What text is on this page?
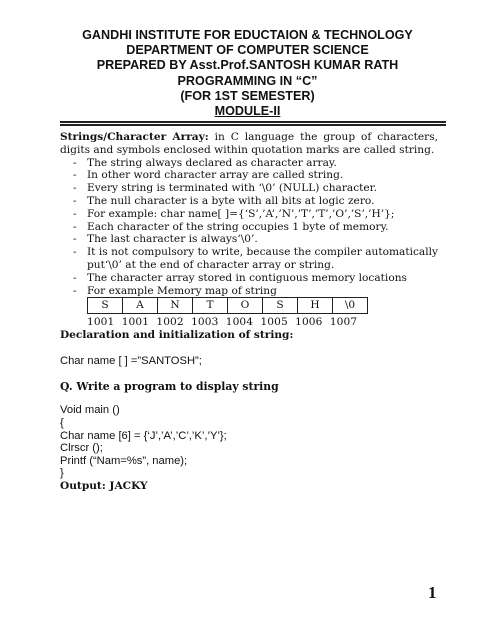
GANDHI INSTITUTE FOR EDUCTAION & TECHNOLOGY
DEPARTMENT OF COMPUTER SCIENCE
PREPARED BY Asst.Prof.SANTOSH KUMAR RATH
PROGRAMMING IN “C”
(FOR 1ST SEMESTER)
MODULE-II

Strings/Character Array: in C language the group of characters, digits and symbols enclosed within quotation marks are called string.

- The string always declared as character array.
- In other word character array are called string.
- Every string is terminated with ‘\0’ (NULL) character.
- The null character is a byte with all bits at logic zero.
- For example: char name[ ]={‘S’,’A’,’N’,’T’,’T’,’O’,’S’,’H’};
- Each character of the string occupies 1 byte of memory.
- The last character is always‘\0’.
- It is not compulsory to write, because the compiler automatically put‘\0’ at the end of character array or string.
- The character array stored in contiguous memory locations
- For example Memory map of string
S	A	N	T	O	S	H	\0
1001 1001 1002 1003 1004 1005 1006 1007
Declaration and initialization of string:
Char name [ ] =”SANTOSH”;
Q. Write a program to display string
Void main ()
{
Char name [6] = {‘J’,’A’,’C’,’K’,’Y’};
Clrscr ();
Printf (“Nam=%s”, name);
}
Output: JACKY
1
